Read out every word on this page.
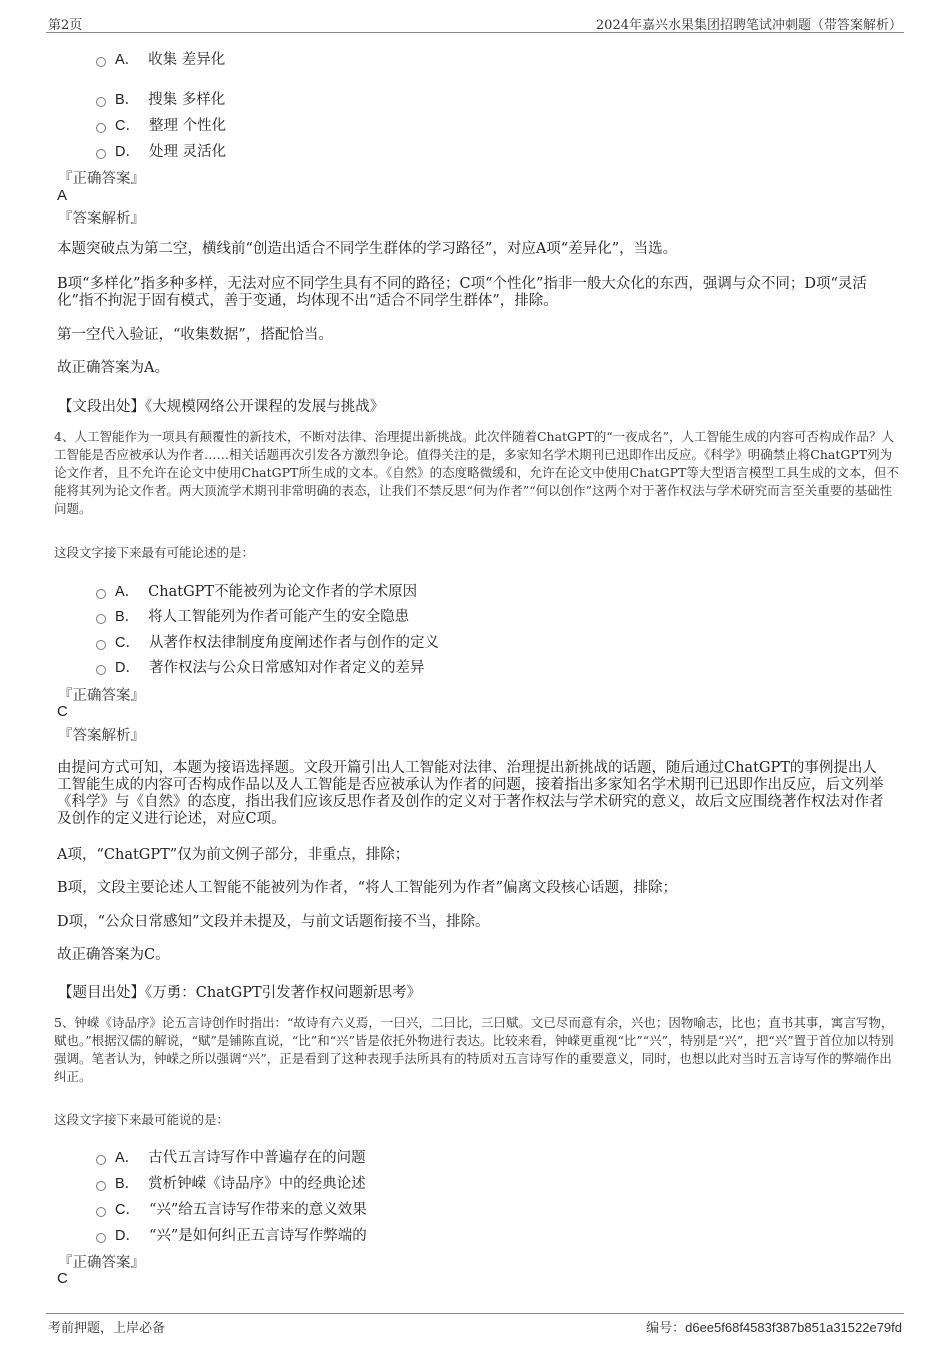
第2页	2024年嘉兴水果集团招聘笔试冲刺题（带答案解析）
A． 收集 差异化
B． 搜集 多样化
C． 整理 个性化
D． 处理 灵活化
『正确答案』
A
『答案解析』
本题突破点为第二空，横线前“创造出适合不同学生群体的学习路径”，对应A项“差异化”，当选。
B项“多样化”指多种多样，无法对应不同学生具有不同的路径；C项“个性化”指非一般大众化的东西，强调与众不同；D项“灵活化”指不拘泥于固有模式，善于变通，均体现不出“适合不同学生群体”，排除。
第一空代入验证，“收集数据”，搭配恰当。
故正确答案为A。
【文段出处】《大规模网络公开课程的发展与挑战》
4、人工智能作为一项具有颠覆性的新技术，不断对法律、治理提出新挑战。此次伴随着ChatGPT的“一夜成名”，人工智能生成的内容可否构成作品？人工智能是否应被承认为作者……相关话题再次引发各方激烈争论。值得关注的是，多家知名学术期刊已迅即作出反应。《科学》明确禁止将ChatGPT列为论文作者，且不允许在论文中使用ChatGPT所生成的文本。《自然》的态度略微缓和，允许在论文中使用ChatGPT等大型语言模型工具生成的文本，但不能将其列为论文作者。两大顶流学术期刊非常明确的表态，让我们不禁反思“何为作者”“何以创作”这两个对于著作权法与学术研究而言至关重要的基础性问题。
这段文字接下来最有可能论述的是：
A． ChatGPT不能被列为论文作者的学术原因
B． 将人工智能列为作者可能产生的安全隐患
C． 从著作权法律制度角度阐述作者与创作的定义
D． 著作权法与公众日常感知对作者定义的差异
『正确答案』
C
『答案解析』
由提问方式可知，本题为接语选择题。文段开篇引出人工智能对法律、治理提出新挑战的话题，随后通过ChatGPT的事例提出人工智能生成的内容可否构成作品以及人工智能是否应被承认为作者的问题，接着指出多家知名学术期刊已迅即作出反应，后文列举《科学》与《自然》的态度，指出我们应该反思作者及创作的定义对于著作权法与学术研究的意义，故后文应围绕著作权法对作者及创作的定义进行论述，对应C项。
A项，“ChatGPT”仅为前文例子部分，非重点，排除；
B项，文段主要论述人工智能不能被列为作者，“将人工智能列为作者”偏离文段核心话题，排除；
D项，“公众日常感知”文段并未提及，与前文话题衔接不当，排除。
故正确答案为C。
【题目出处】《万勇：ChatGPT引发著作权问题新思考》
5、钟嵘《诗品序》论五言诗创作时指出：“故诗有六义焉，一曰兴，二曰比，三曰赋。文已尽而意有余，兴也；因物喻志，比也；直书其事，寓言写物，赋也。”根据汉儒的解说，“赋”是铺陈直说，“比”和“兴”皆是依托外物进行表达。比较来看，钟嵘更重视“比”“兴”，特别是“兴”，把“兴”置于首位加以特别强调。笔者认为，钟嵘之所以强调“兴”，正是看到了这种表现手法所具有的特质对五言诗写作的重要意义，同时，也想以此对当时五言诗写作的弊端作出纠正。
这段文字接下来最可能说的是：
A． 古代五言诗写作中普遍存在的问题
B． 赏析钟嵘《诗品序》中的经典论述
C． “兴”给五言诗写作带来的意义效果
D． “兴”是如何纠正五言诗写作弊端的
『正确答案』
C
考前押题，上岸必备	编号：d6ee5f68f4583f387b851a31522e79fd
